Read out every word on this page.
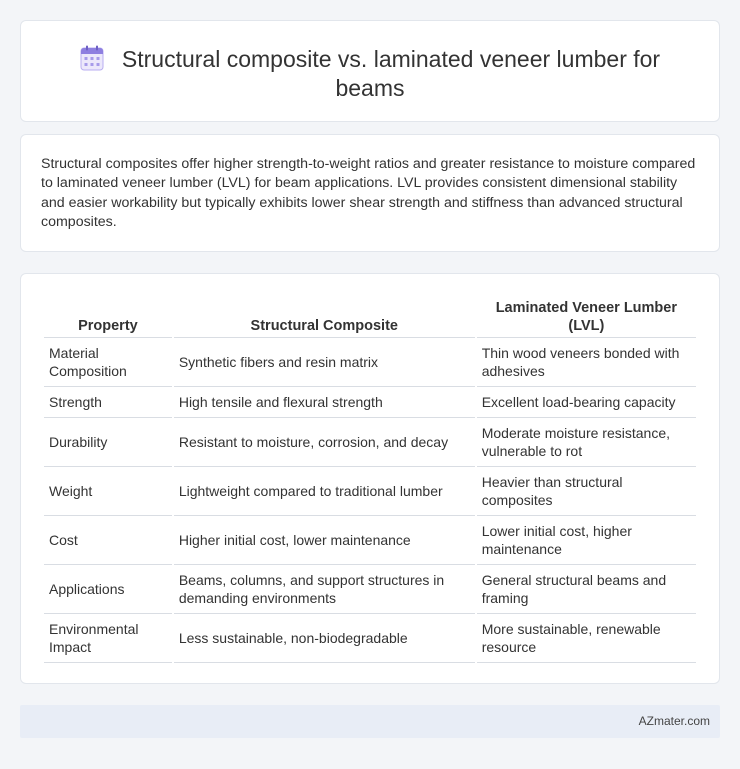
Structural composite vs. laminated veneer lumber for beams

Structural composites offer higher strength-to-weight ratios and greater resistance to moisture compared to laminated veneer lumber (LVL) for beam applications. LVL provides consistent dimensional stability and easier workability but typically exhibits lower shear strength and stiffness than advanced structural composites.

Property	Structural Composite	Laminated Veneer Lumber (LVL)
Material Composition	Synthetic fibers and resin matrix	Thin wood veneers bonded with adhesives
Strength	High tensile and flexural strength	Excellent load-bearing capacity
Durability	Resistant to moisture, corrosion, and decay	Moderate moisture resistance, vulnerable to rot
Weight	Lightweight compared to traditional lumber	Heavier than structural composites
Cost	Higher initial cost, lower maintenance	Lower initial cost, higher maintenance
Applications	Beams, columns, and support structures in demanding environments	General structural beams and framing
Environmental Impact	Less sustainable, non-biodegradable	More sustainable, renewable resource
AZmater.com
